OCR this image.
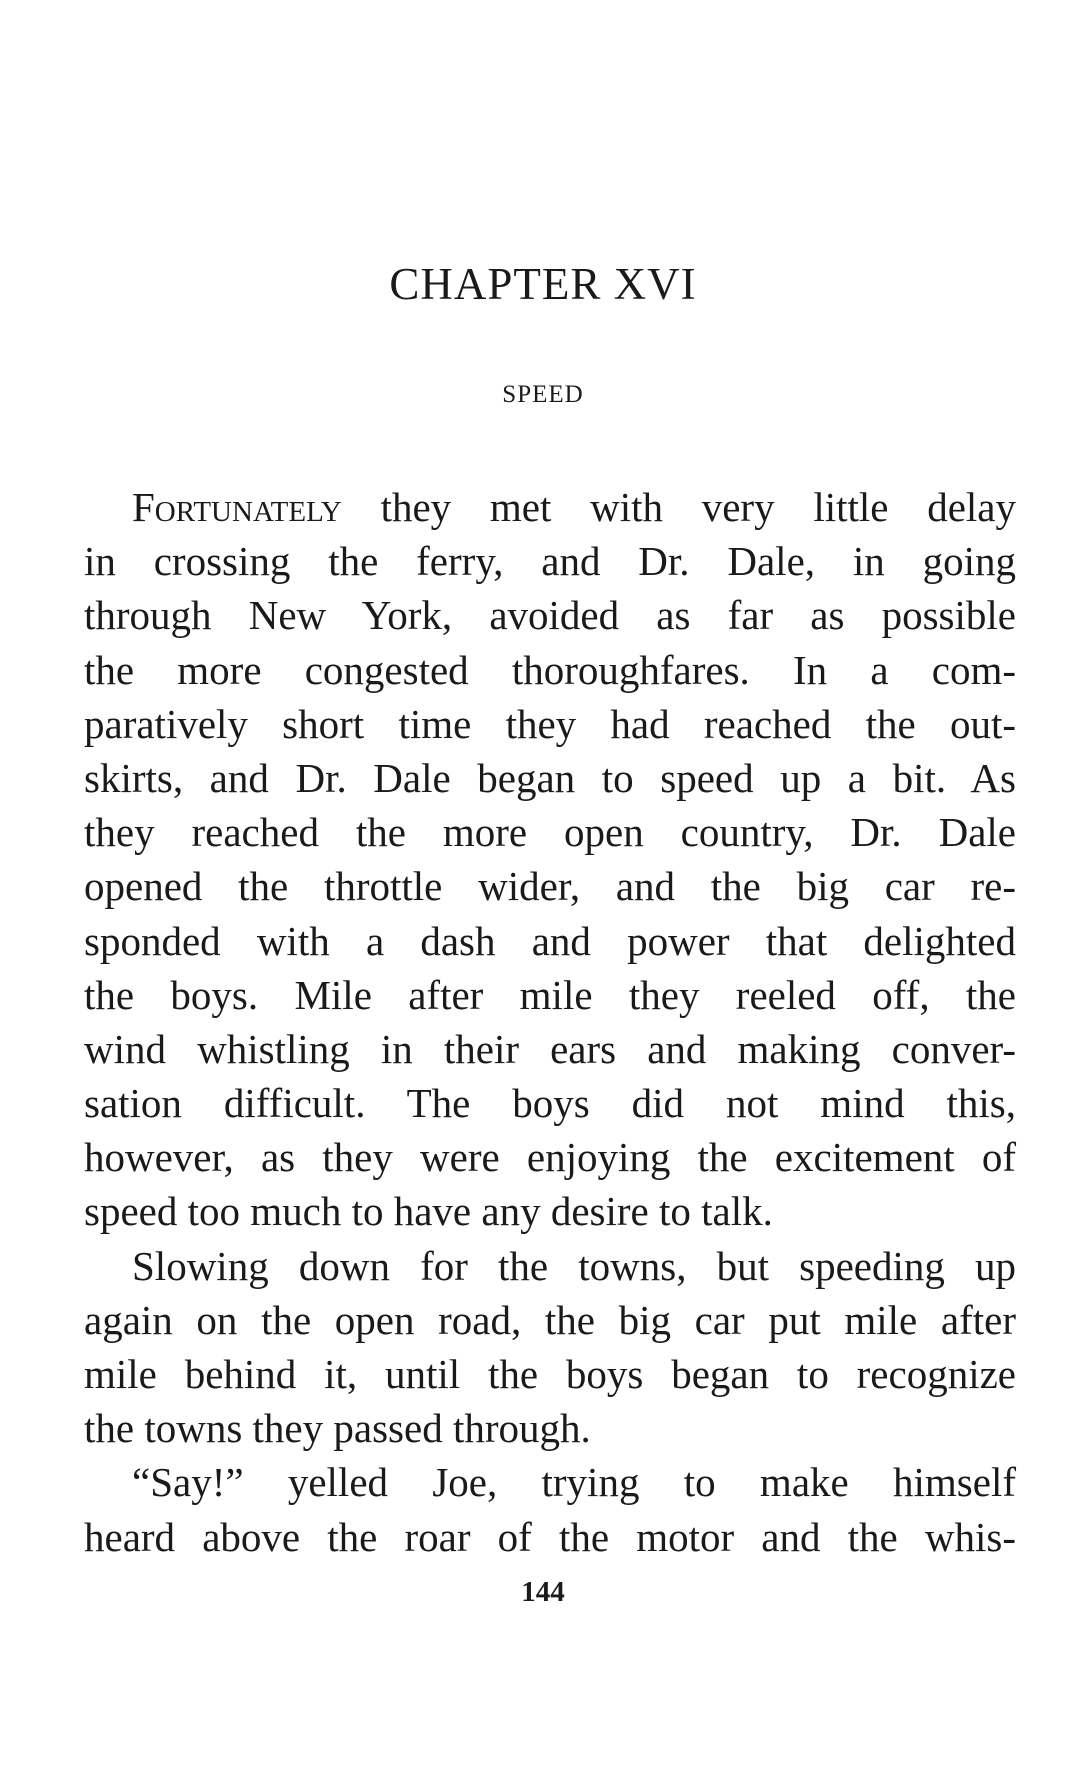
CHAPTER XVI
SPEED
Fortunately they met with very little delay
in crossing the ferry, and Dr. Dale, in going
through New York, avoided as far as possible
the more congested thoroughfares. In a com-
paratively short time they had reached the out-
skirts, and Dr. Dale began to speed up a bit. As
they reached the more open country, Dr. Dale
opened the throttle wider, and the big car re-
sponded with a dash and power that delighted
the boys. Mile after mile they reeled off, the
wind whistling in their ears and making conver-
sation difficult. The boys did not mind this,
however, as they were enjoying the excitement of
speed too much to have any desire to talk.
Slowing down for the towns, but speeding up
again on the open road, the big car put mile after
mile behind it, until the boys began to recognize
the towns they passed through.
“Say!” yelled Joe, trying to make himself
heard above the roar of the motor and the whis-
144
